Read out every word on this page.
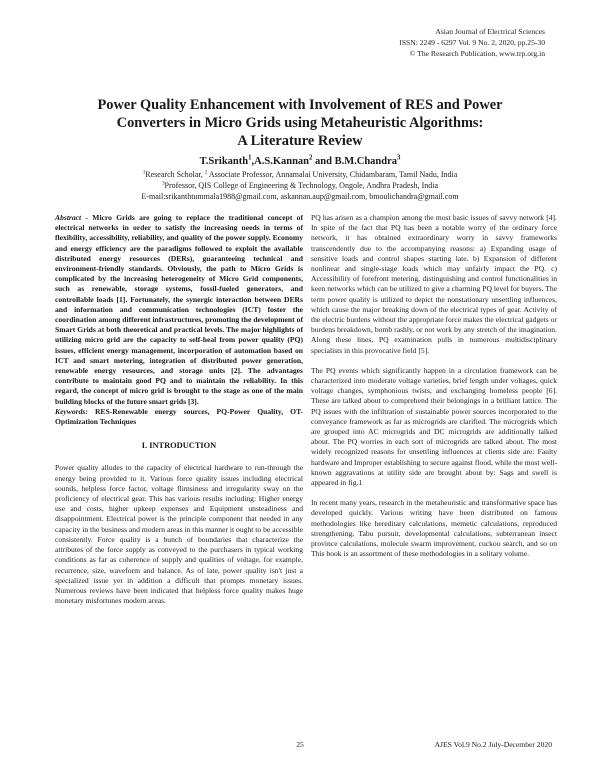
Asian Journal of Electrical Sciences
ISSN: 2249 - 6297 Vol. 9 No. 2, 2020, pp.25-30
© The Research Publication, www.trp.org.in
Power Quality Enhancement with Involvement of RES and Power
Converters in Micro Grids using Metaheuristic Algorithms:
A Literature Review
T.Srikanth$^1$,A.S.Kannan$^2$ and B.M.Chandra$^3$
$^1$Research Scholar, $^2$ Associate Professor, Annamalai University, Chidambaram, Tamil Nadu, India
$^3$Professor, QIS College of Engineering & Technology, Ongole, Andhra Pradesh, India
E-mail:srikanthtummala1988@gmail.com, askannan.aup@gmail.com, bmoulichandra@gmail.com

Abstract - Micro Grids are going to replace the traditional concept of electrical networks in order to satisfy the increasing needs in terms of flexibility, accessibility, reliability, and quality of the power supply. Economy and energy efficiency are the paradigms followed to exploit the available distributed energy resources (DERs), guaranteeing technical and environment-friendly standards. Obviously, the path to Micro Grids is complicated by the increasing heterogeneity of Micro Grid components, such as renewable, storage systems, fossil-fueled generators, and controllable loads [1]. Fortunately, the synergic interaction between DERs and information and communication technologies (ICT) foster the coordination among different infrastructures, promoting the development of Smart Grids at both theoretical and practical levels. The major highlights of utilizing micro grid are the capacity to self-heal from power quality (PQ) issues, efficient energy management, incorporation of automation based on ICT and smart metering, integration of distributed power generation, renewable energy resources, and storage units [2]. The advantages contribute to maintain good PQ and to maintain the reliability. In this regard, the concept of micro grid is brought to the stage as one of the main building blocks of the future smart grids [3].

Keywords: RES-Renewable energy sources, PQ-Power Quality, OT-Optimization Techniques

I. INTRODUCTION

Power quality alludes to the capacity of electrical hardware to run-through the energy being provided to it. Various force quality issues including electrical sounds, helpless force factor, voltage flimsiness and irregularity sway on the proficiency of electrical gear. This has various results including: Higher energy use and costs, higher upkeep expenses and Equipment unsteadiness and disappointment. Electrical power is the principle component that needed in any capacity in the business and modern areas in this manner it ought to be accessible consistently. Force quality is a bunch of boundaries that characterize the attributes of the force supply as conveyed to the purchasers in typical working conditions as far as coherence of supply and qualities of voltage, for example, recurrence, size, waveform and balance. As of late, power quality isn't just a specialized issue yet in addition a difficult that prompts monetary issues. Numerous reviews have been indicated that helpless force quality makes huge monetary misfortunes modern areas.

PQ has arisen as a champion among the most basic issues of savvy network [4]. In spite of the fact that PQ has been a notable worry of the ordinary force network, it has obtained extraordinary worry in savvy frameworks transcendently due to the accompanying reasons: a) Expanding usage of sensitive loads and control shapes starting late. b) Expansion of different nonlinear and single-stage loads which may unfairly impact the PQ. c) Accessibility of forefront metering, distinguishing and control functionalities in keen networks which can be utilized to give a charming PQ level for buyers. The term power quality is utilized to depict the nonstationary unsettling influences, which cause the major breaking down of the electrical types of gear. Activity of the electric burdens without the appropriate force makes the electrical gadgets or burdens breakdown, bomb rashly, or not work by any stretch of the imagination. Along these lines, PQ examination pulls in numerous multidisciplinary specialists in this provocative field [5].

The PQ events which significantly happen in a circulation framework can be characterized into moderate voltage varieties, brief length under voltages, quick voltage changes, symphonious twists, and exchanging homeless people [6]. These are talked about to comprehend their belongings in a brilliant lattice. The PQ issues with the infiltration of sustainable power sources incorporated to the conveyance framework as far as microgrids are clarified. The microgrids which are grouped into AC microgrids and DC microgrids are additionally talked about. The PQ worries in each sort of microgrids are talked about. The most widely recognized reasons for unsettling influences at clients side are: Faulty hardware and Improper establishing to secure against flood, while the most well-known aggravations at utility side are brought about by: Sags and swell is appeared in fig.1

In recent many years, research in the metaheuristic and transformative space has developed quickly. Various writing have been distributed on famous methodologies like hereditary calculations, memetic calculations, reproduced strengthening, Tabu pursuit, developmental calculations, subterranean insect province calculations, molecule swarm improvement, cuckoo search, and so on This book is an assortment of these methodologies in a solitary volume.

25	AJES Vol.9 No.2 July-December 2020
